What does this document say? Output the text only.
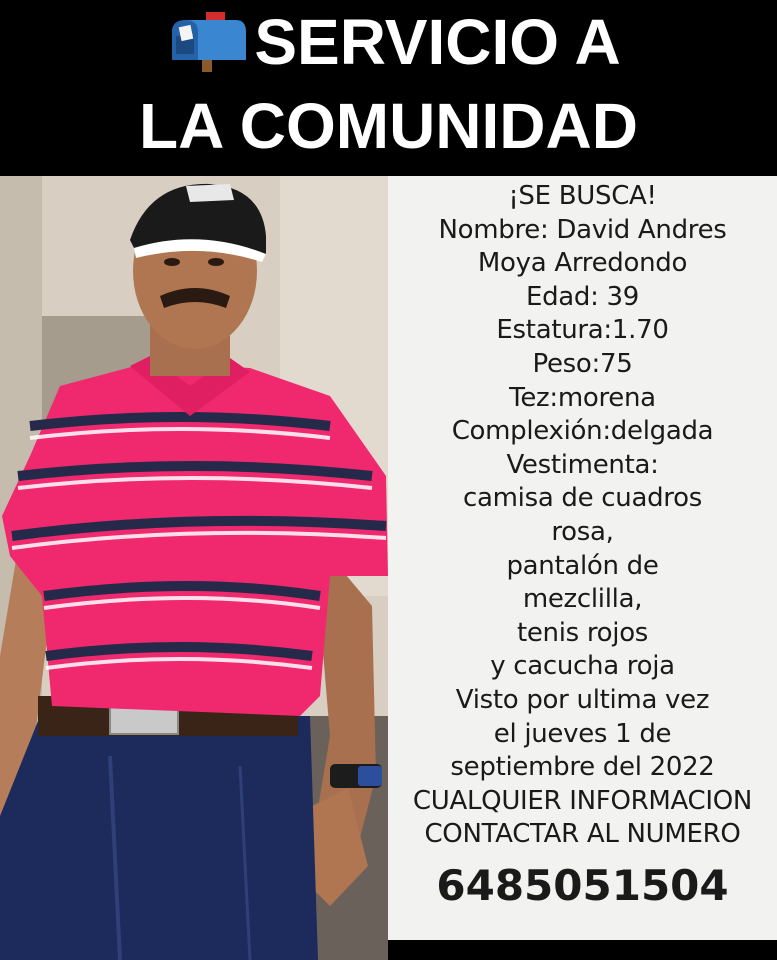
SERVICIO A
LA COMUNIDAD
¡SE BUSCA!
Nombre: David Andres
Moya Arredondo
Edad: 39
Estatura:1.70
Peso:75
Tez:morena
Complexión:delgada
Vestimenta:
camisa de cuadros
rosa,
pantalón de
mezclilla,
tenis rojos
y cacucha roja
Visto por ultima vez
el jueves 1 de
septiembre del 2022
CUALQUIER INFORMACION
CONTACTAR AL NUMERO
6485051504
